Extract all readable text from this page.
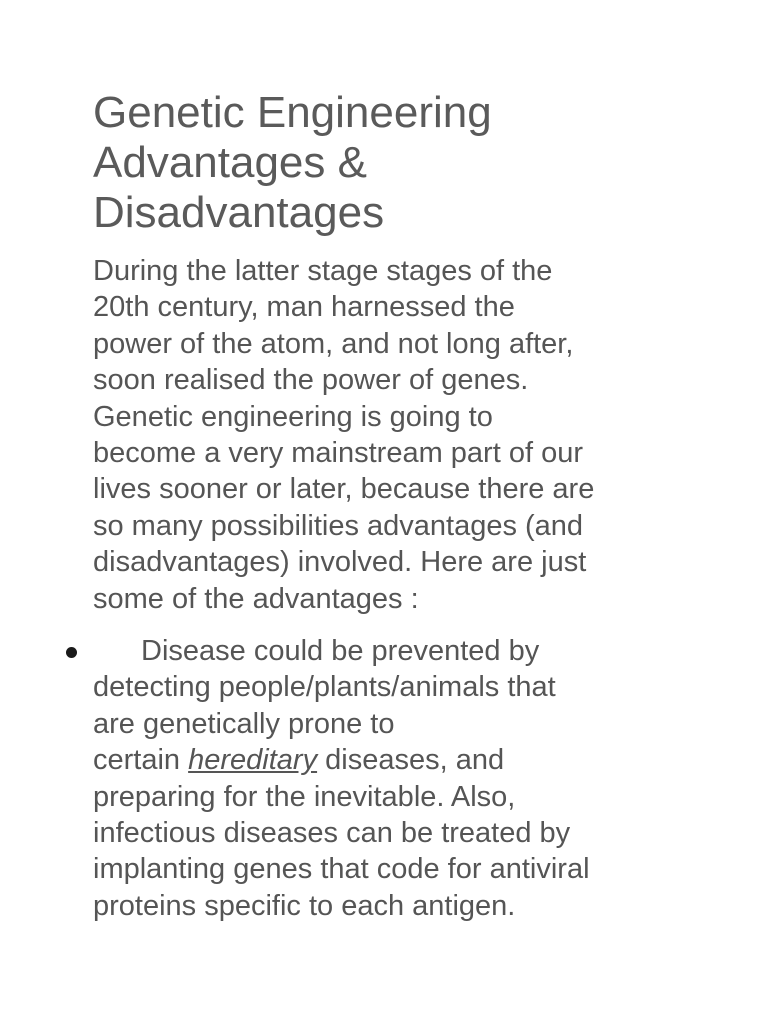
Genetic Engineering
Advantages &
Disadvantages

During the latter stage stages of the
20th century, man harnessed the
power of the atom, and not long after,
soon realised the power of genes.
Genetic engineering is going to
become a very mainstream part of our
lives sooner or later, because there are
so many possibilities advantages (and
disadvantages) involved. Here are just
some of the advantages :

Disease could be prevented by
detecting people/plants/animals that
are genetically prone to
certain hereditary diseases, and
preparing for the inevitable. Also,
infectious diseases can be treated by
implanting genes that code for antiviral
proteins specific to each antigen.
